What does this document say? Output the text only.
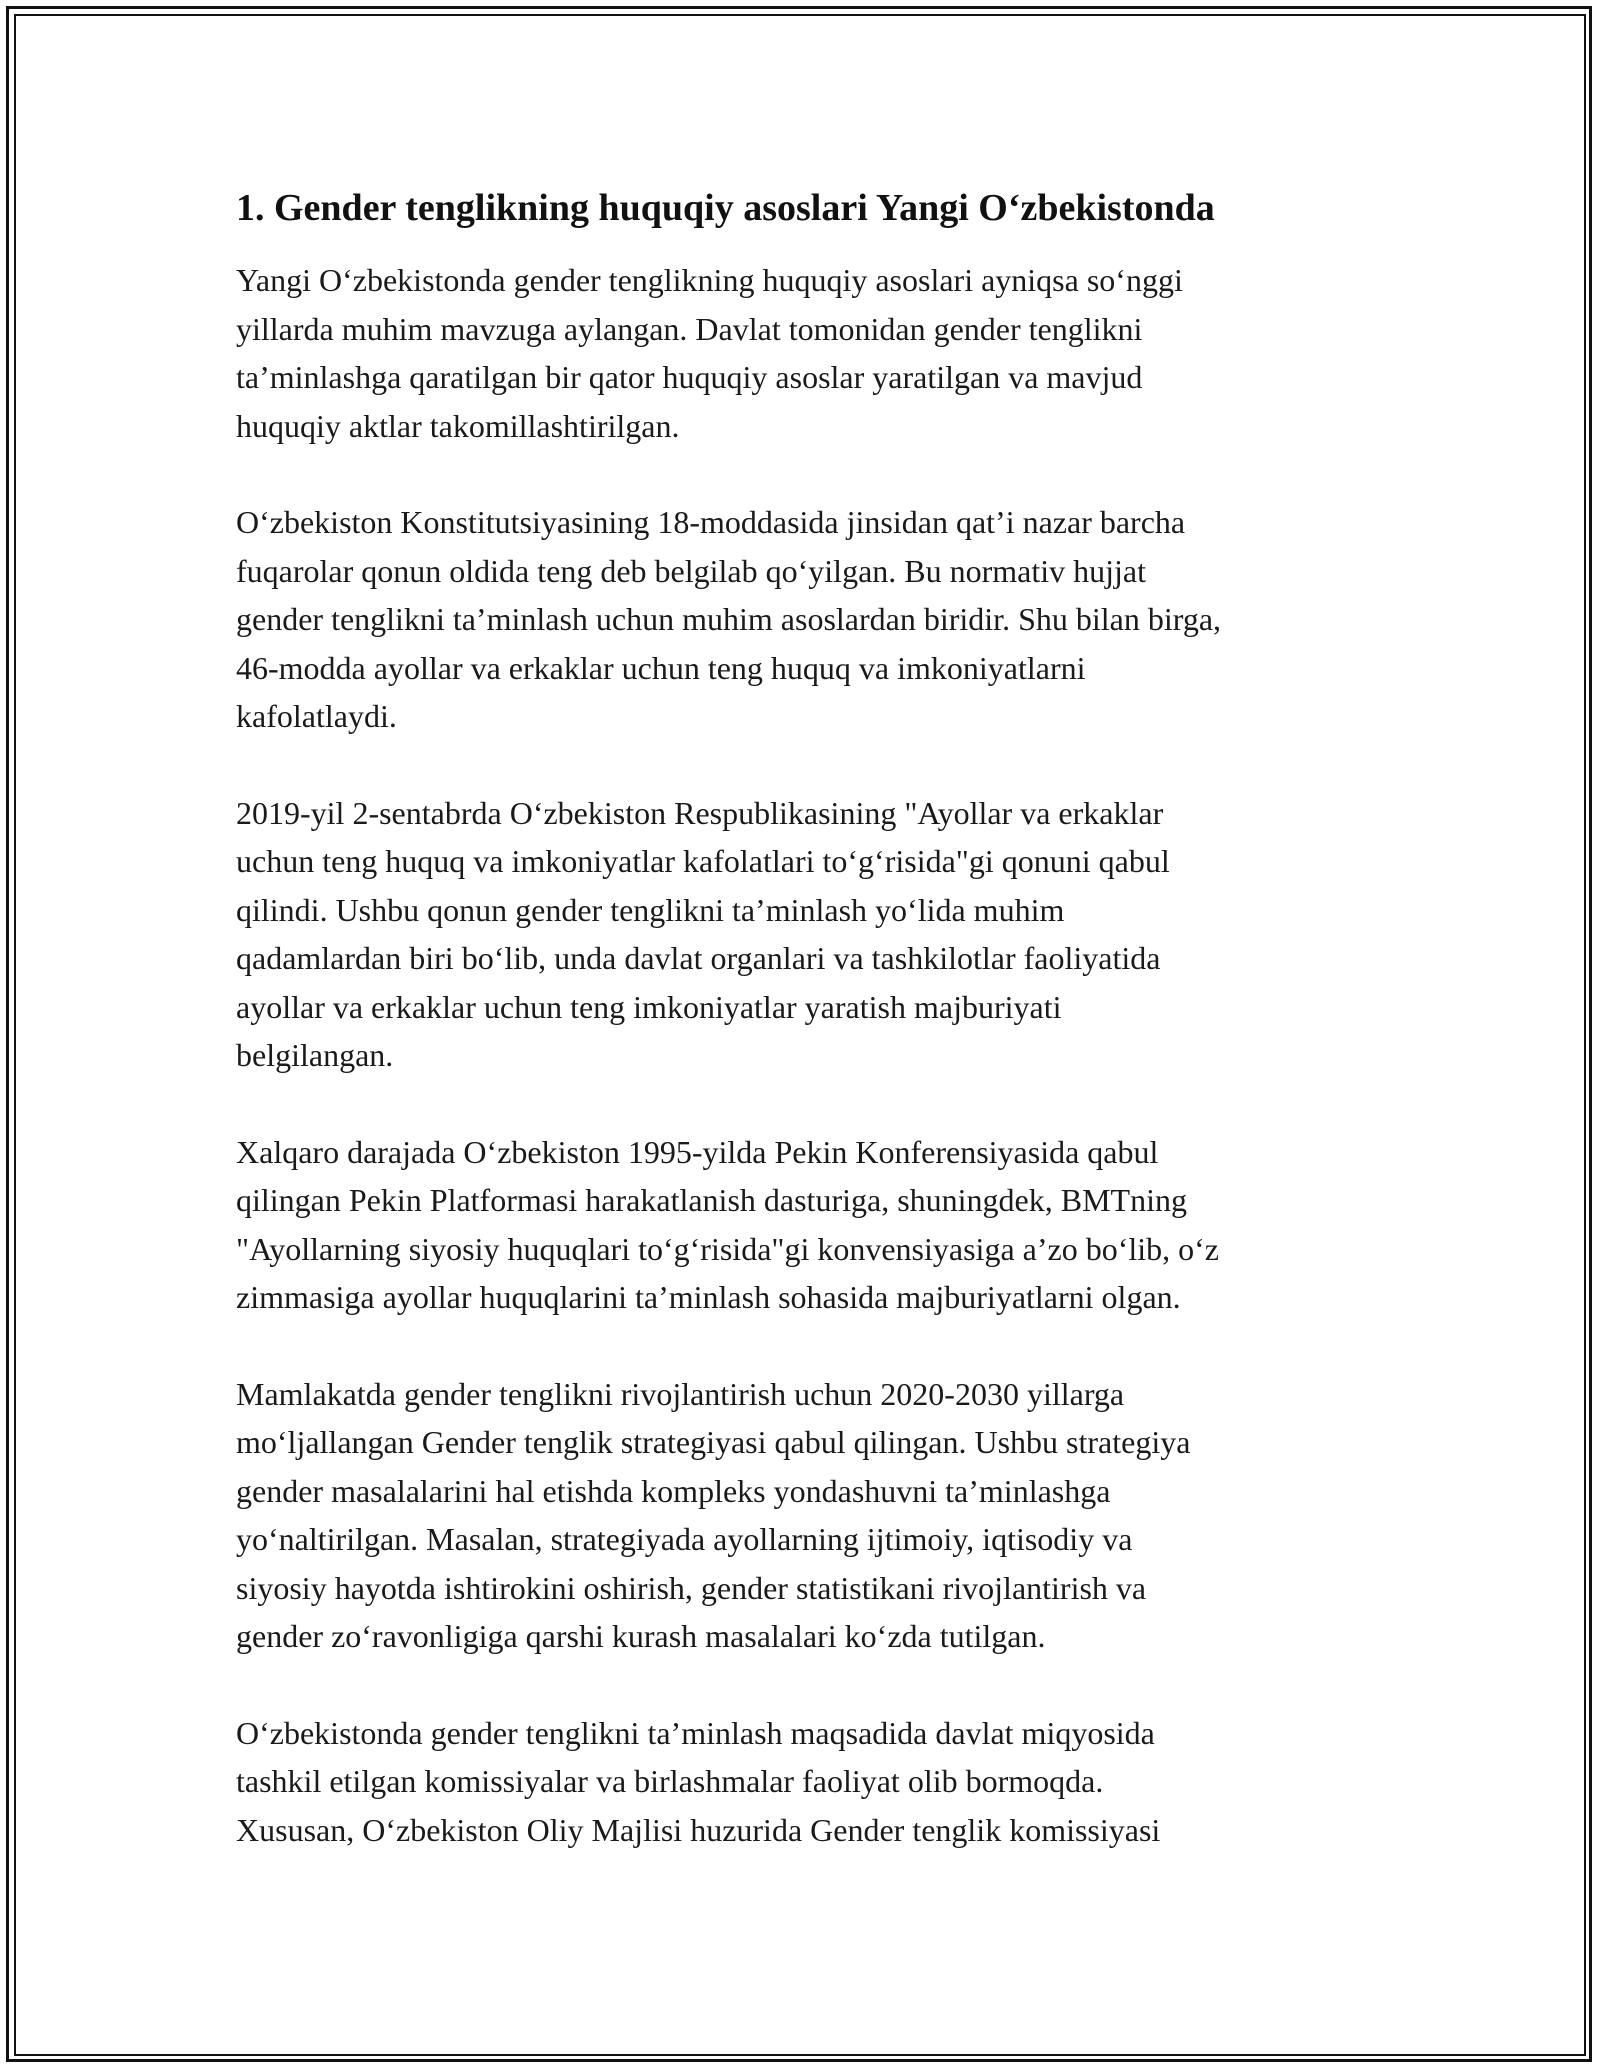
1. Gender tenglikning huquqiy asoslari Yangi O‘zbekistonda

Yangi O‘zbekistonda gender tenglikning huquqiy asoslari ayniqsa so‘nggi
yillarda muhim mavzuga aylangan. Davlat tomonidan gender tenglikni
ta’minlashga qaratilgan bir qator huquqiy asoslar yaratilgan va mavjud
huquqiy aktlar takomillashtirilgan.

O‘zbekiston Konstitutsiyasining 18-moddasida jinsidan qat’i nazar barcha
fuqarolar qonun oldida teng deb belgilab qo‘yilgan. Bu normativ hujjat
gender tenglikni ta’minlash uchun muhim asoslardan biridir. Shu bilan birga,
46-modda ayollar va erkaklar uchun teng huquq va imkoniyatlarni
kafolatlaydi.

2019-yil 2-sentabrda O‘zbekiston Respublikasining "Ayollar va erkaklar
uchun teng huquq va imkoniyatlar kafolatlari to‘g‘risida"gi qonuni qabul
qilindi. Ushbu qonun gender tenglikni ta’minlash yo‘lida muhim
qadamlardan biri bo‘lib, unda davlat organlari va tashkilotlar faoliyatida
ayollar va erkaklar uchun teng imkoniyatlar yaratish majburiyati
belgilangan.

Xalqaro darajada O‘zbekiston 1995-yilda Pekin Konferensiyasida qabul
qilingan Pekin Platformasi harakatlanish dasturiga, shuningdek, BMTning
"Ayollarning siyosiy huquqlari to‘g‘risida"gi konvensiyasiga a’zo bo‘lib, o‘z
zimmasiga ayollar huquqlarini ta’minlash sohasida majburiyatlarni olgan.

Mamlakatda gender tenglikni rivojlantirish uchun 2020-2030 yillarga
mo‘ljallangan Gender tenglik strategiyasi qabul qilingan. Ushbu strategiya
gender masalalarini hal etishda kompleks yondashuvni ta’minlashga
yo‘naltirilgan. Masalan, strategiyada ayollarning ijtimoiy, iqtisodiy va
siyosiy hayotda ishtirokini oshirish, gender statistikani rivojlantirish va
gender zo‘ravonligiga qarshi kurash masalalari ko‘zda tutilgan.

O‘zbekistonda gender tenglikni ta’minlash maqsadida davlat miqyosida
tashkil etilgan komissiyalar va birlashmalar faoliyat olib bormoqda.
Xususan, O‘zbekiston Oliy Majlisi huzurida Gender tenglik komissiyasi
